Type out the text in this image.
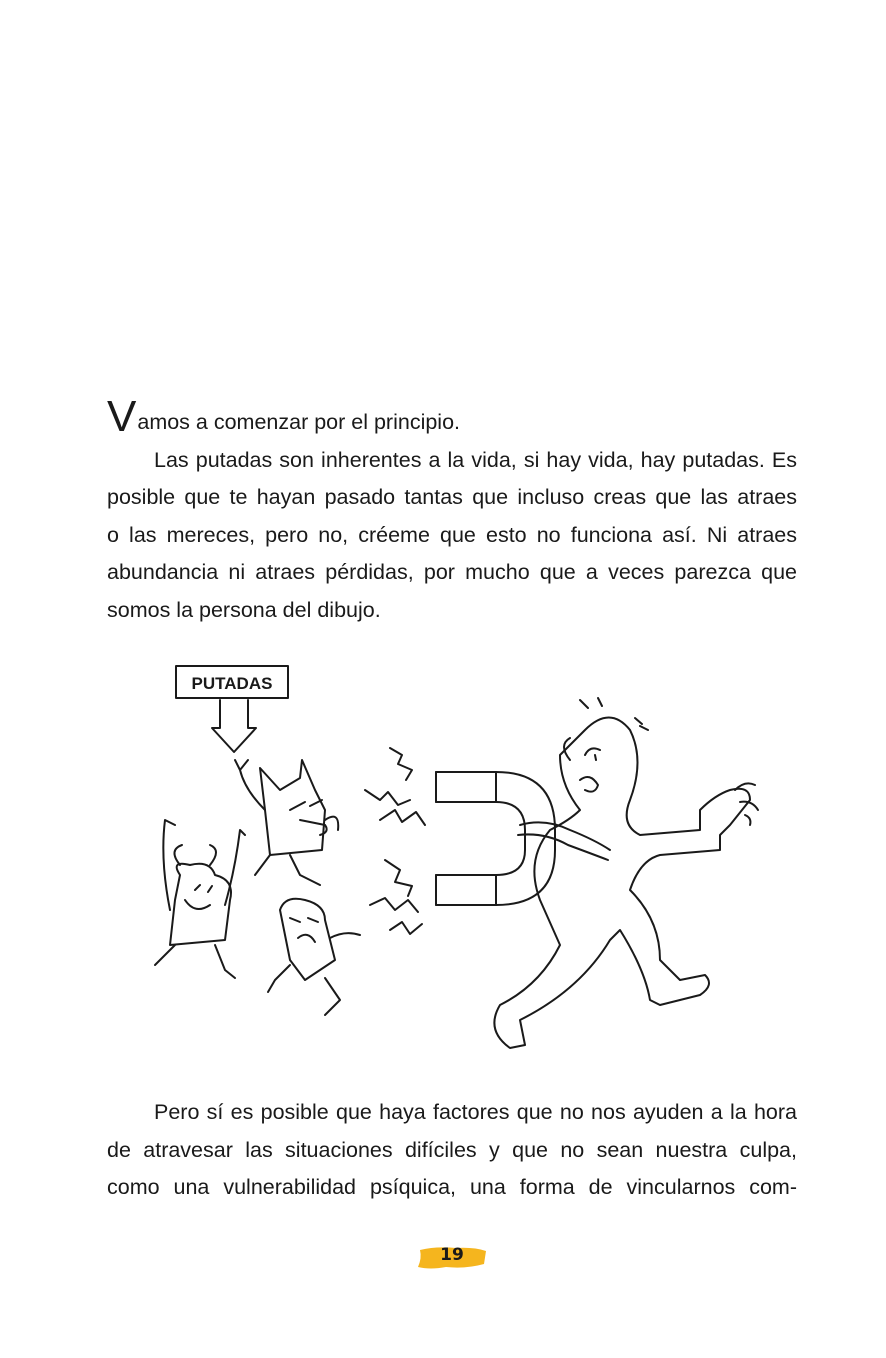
Vamos a comenzar por el principio.
Las putadas son inherentes a la vida, si hay vida, hay putadas. Es
posible que te hayan pasado tantas que incluso creas que las atraes
o las mereces, pero no, créeme que esto no funciona así. Ni atraes
abundancia ni atraes pérdidas, por mucho que a veces parezca que
somos la persona del dibujo.
PUTADAS
Pero sí es posible que haya factores que no nos ayuden a la hora
de atravesar las situaciones difíciles y que no sean nuestra culpa,
como una vulnerabilidad psíquica, una forma de vincularnos com-
19
